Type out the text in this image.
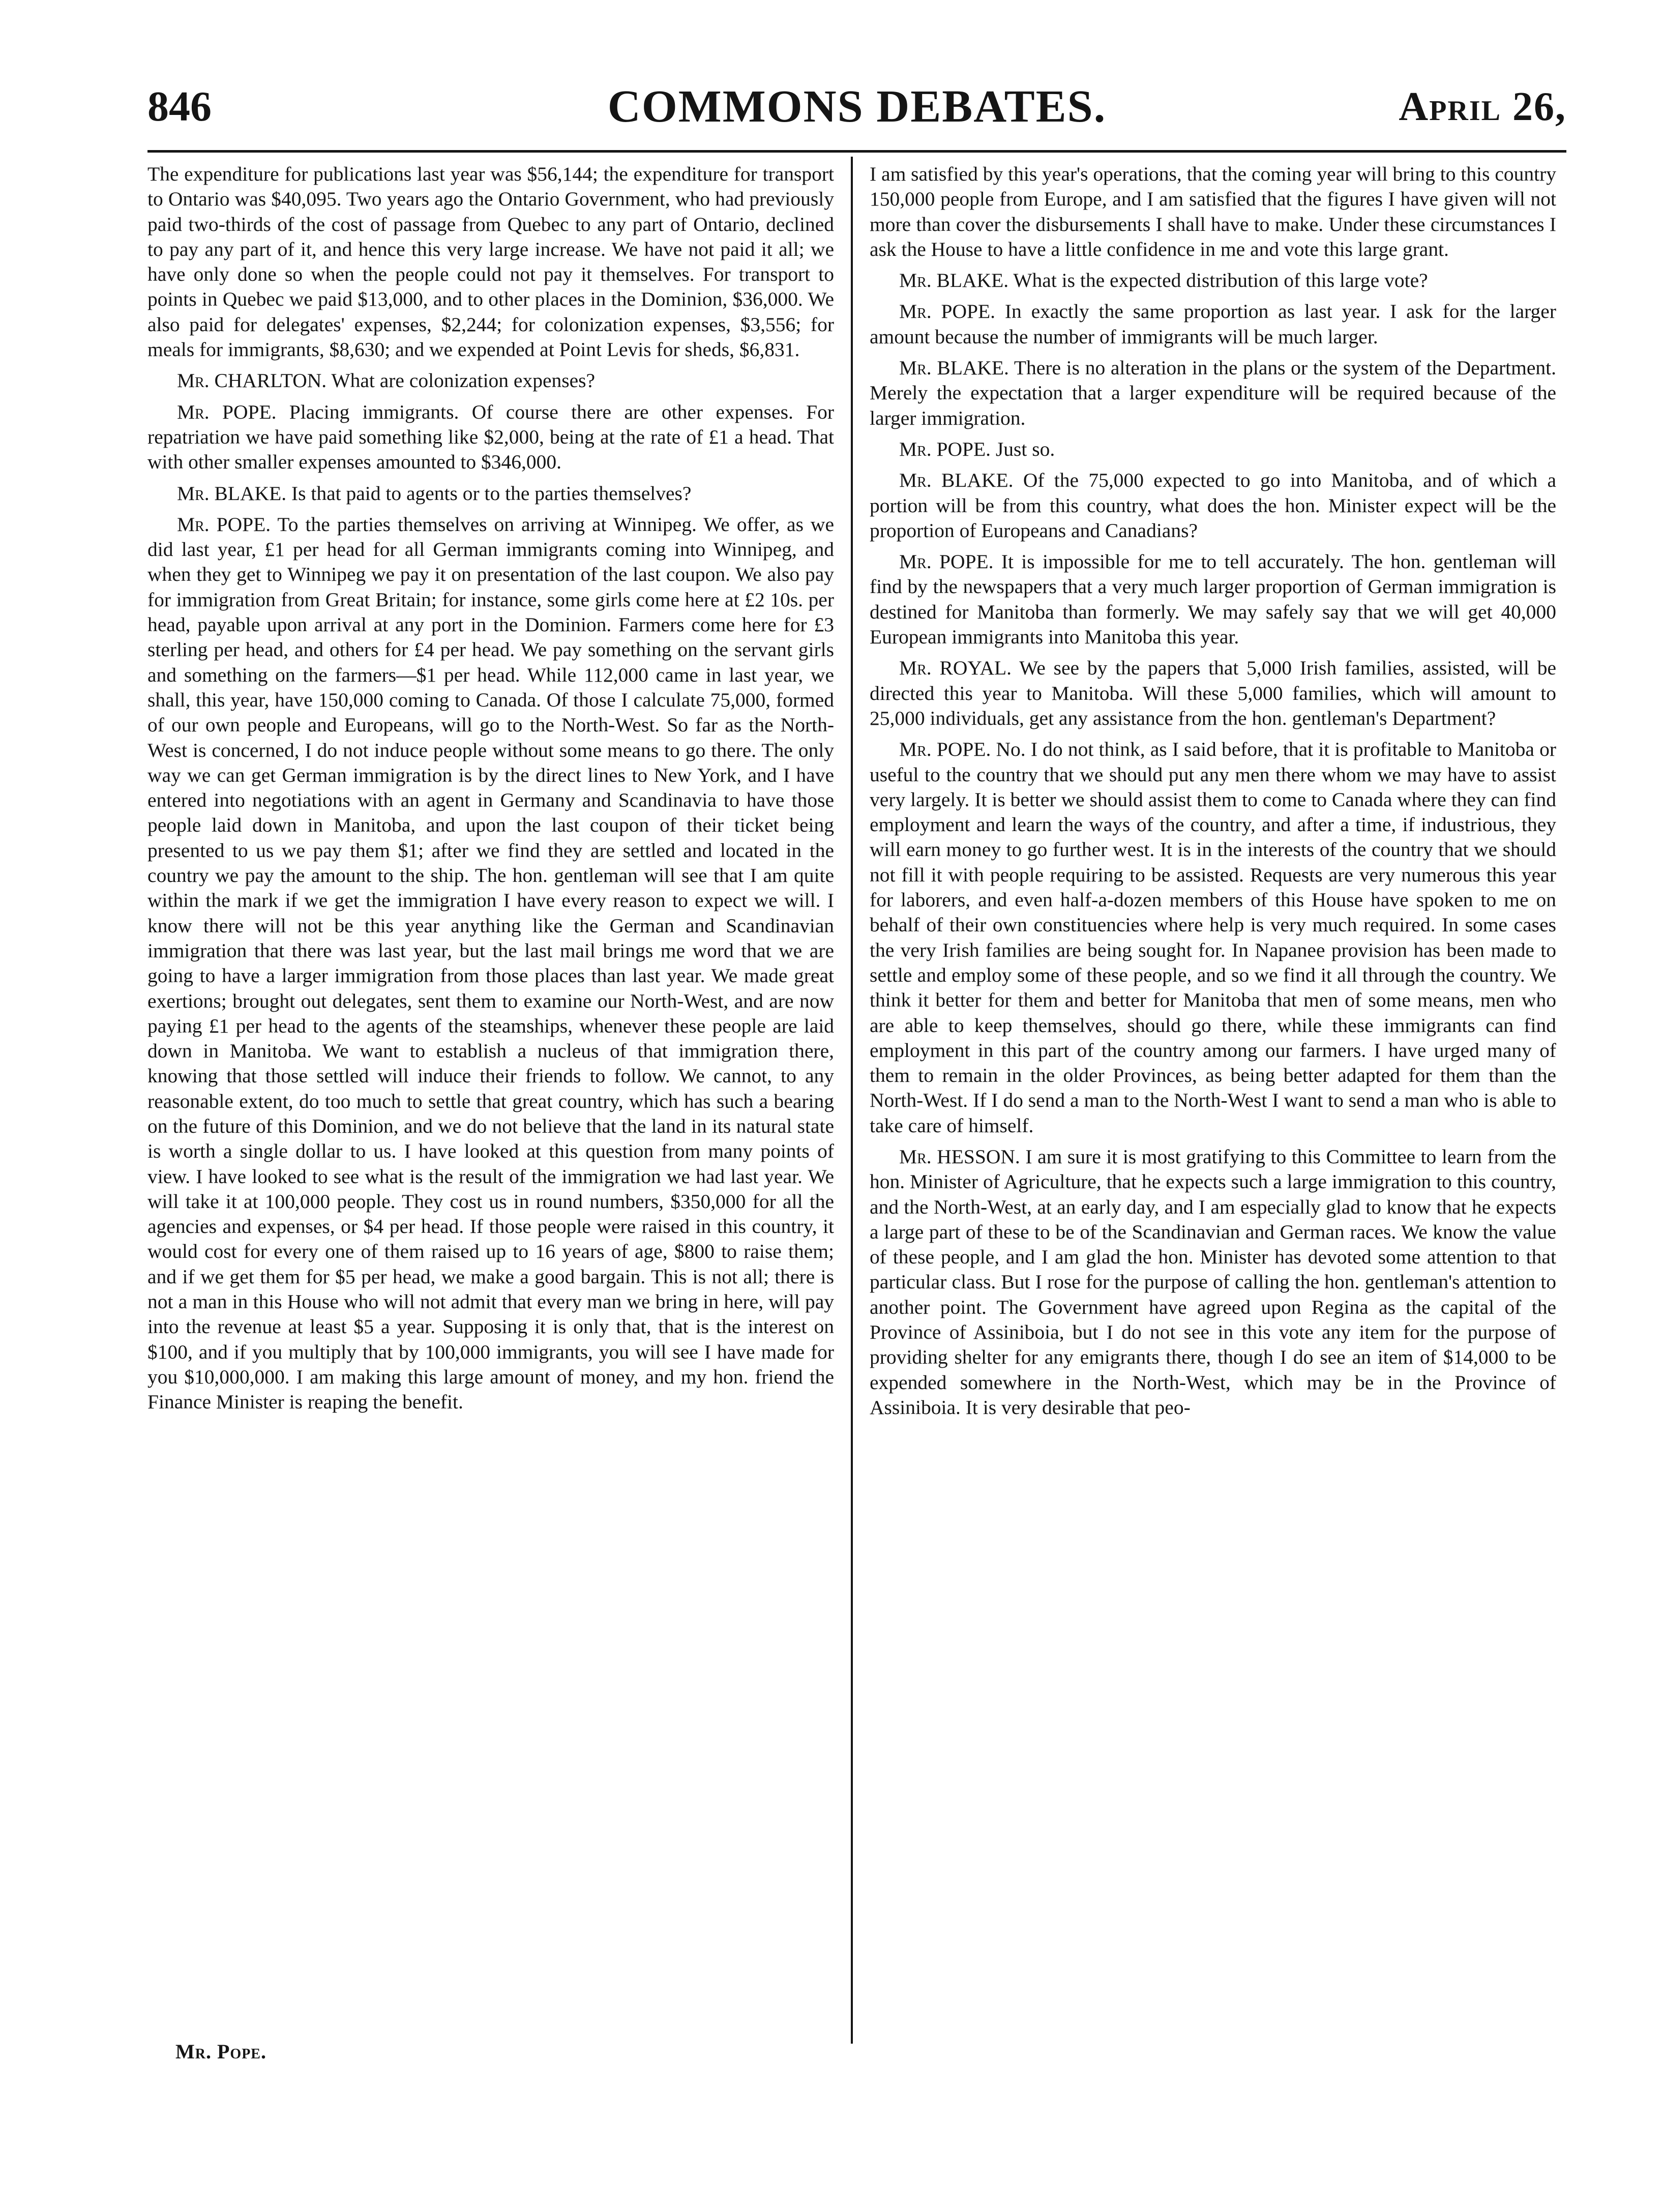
846	COMMONS DEBATES.	April 26,

The expenditure for publications last year was $56,144; the expenditure for transport to Ontario was $40,095. Two years ago the Ontario Government, who had previously paid two-thirds of the cost of passage from Quebec to any part of Ontario, declined to pay any part of it, and hence this very large increase. We have not paid it all; we have only done so when the people could not pay it themselves. For transport to points in Quebec we paid $13,000, and to other places in the Dominion, $36,000. We also paid for delegates' expenses, $2,244; for colonization expenses, $3,556; for meals for immigrants, $8,630; and we expended at Point Levis for sheds, $6,831.

Mr. CHARLTON. What are colonization expenses?

Mr. POPE. Placing immigrants. Of course there are other expenses. For repatriation we have paid something like $2,000, being at the rate of £1 a head. That with other smaller expenses amounted to $346,000.

Mr. BLAKE. Is that paid to agents or to the parties themselves?

Mr. POPE. To the parties themselves on arriving at Winnipeg. We offer, as we did last year, £1 per head for all German immigrants coming into Winnipeg, and when they get to Winnipeg we pay it on presentation of the last coupon. We also pay for immigration from Great Britain; for instance, some girls come here at £2 10s. per head, payable upon arrival at any port in the Dominion. Farmers come here for £3 sterling per head, and others for £4 per head. We pay something on the servant girls and something on the farmers—$1 per head. While 112,000 came in last year, we shall, this year, have 150,000 coming to Canada. Of those I calculate 75,000, formed of our own people and Europeans, will go to the North-West. So far as the North-West is concerned, I do not induce people without some means to go there. The only way we can get German immigration is by the direct lines to New York, and I have entered into negotiations with an agent in Germany and Scandinavia to have those people laid down in Manitoba, and upon the last coupon of their ticket being presented to us we pay them $1; after we find they are settled and located in the country we pay the amount to the ship. The hon. gentleman will see that I am quite within the mark if we get the immigration I have every reason to expect we will. I know there will not be this year anything like the German and Scandinavian immigration that there was last year, but the last mail brings me word that we are going to have a larger immigration from those places than last year. We made great exertions; brought out delegates, sent them to examine our North-West, and are now paying £1 per head to the agents of the steamships, whenever these people are laid down in Manitoba. We want to establish a nucleus of that immigration there, knowing that those settled will induce their friends to follow. We cannot, to any reasonable extent, do too much to settle that great country, which has such a bearing on the future of this Dominion, and we do not believe that the land in its natural state is worth a single dollar to us. I have looked at this question from many points of view. I have looked to see what is the result of the immigration we had last year. We will take it at 100,000 people. They cost us in round numbers, $350,000 for all the agencies and expenses, or $4 per head. If those people were raised in this country, it would cost for every one of them raised up to 16 years of age, $800 to raise them; and if we get them for $5 per head, we make a good bargain. This is not all; there is not a man in this House who will not admit that every man we bring in here, will pay into the revenue at least $5 a year. Supposing it is only that, that is the interest on $100, and if you multiply that by 100,000 immigrants, you will see I have made for you $10,000,000. I am making this large amount of money, and my hon. friend the Finance Minister is reaping the benefit.

I am satisfied by this year's operations, that the coming year will bring to this country 150,000 people from Europe, and I am satisfied that the figures I have given will not more than cover the disbursements I shall have to make. Under these circumstances I ask the House to have a little confidence in me and vote this large grant.

Mr. BLAKE. What is the expected distribution of this large vote?

Mr. POPE. In exactly the same proportion as last year. I ask for the larger amount because the number of immigrants will be much larger.

Mr. BLAKE. There is no alteration in the plans or the system of the Department. Merely the expectation that a larger expenditure will be required because of the larger immigration.

Mr. POPE. Just so.

Mr. BLAKE. Of the 75,000 expected to go into Manitoba, and of which a portion will be from this country, what does the hon. Minister expect will be the proportion of Europeans and Canadians?

Mr. POPE. It is impossible for me to tell accurately. The hon. gentleman will find by the newspapers that a very much larger proportion of German immigration is destined for Manitoba than formerly. We may safely say that we will get 40,000 European immigrants into Manitoba this year.

Mr. ROYAL. We see by the papers that 5,000 Irish families, assisted, will be directed this year to Manitoba. Will these 5,000 families, which will amount to 25,000 individuals, get any assistance from the hon. gentleman's Department?

Mr. POPE. No. I do not think, as I said before, that it is profitable to Manitoba or useful to the country that we should put any men there whom we may have to assist very largely. It is better we should assist them to come to Canada where they can find employment and learn the ways of the country, and after a time, if industrious, they will earn money to go further west. It is in the interests of the country that we should not fill it with people requiring to be assisted. Requests are very numerous this year for laborers, and even half-a-dozen members of this House have spoken to me on behalf of their own constituencies where help is very much required. In some cases the very Irish families are being sought for. In Napanee provision has been made to settle and employ some of these people, and so we find it all through the country. We think it better for them and better for Manitoba that men of some means, men who are able to keep themselves, should go there, while these immigrants can find employment in this part of the country among our farmers. I have urged many of them to remain in the older Provinces, as being better adapted for them than the North-West. If I do send a man to the North-West I want to send a man who is able to take care of himself.

Mr. HESSON. I am sure it is most gratifying to this Committee to learn from the hon. Minister of Agriculture, that he expects such a large immigration to this country, and the North-West, at an early day, and I am especially glad to know that he expects a large part of these to be of the Scandinavian and German races. We know the value of these people, and I am glad the hon. Minister has devoted some attention to that particular class. But I rose for the purpose of calling the hon. gentleman's attention to another point. The Government have agreed upon Regina as the capital of the Province of Assiniboia, but I do not see in this vote any item for the purpose of providing shelter for any emigrants there, though I do see an item of $14,000 to be expended somewhere in the North-West, which may be in the Province of Assiniboia. It is very desirable that peo-

Mr. Pope.
